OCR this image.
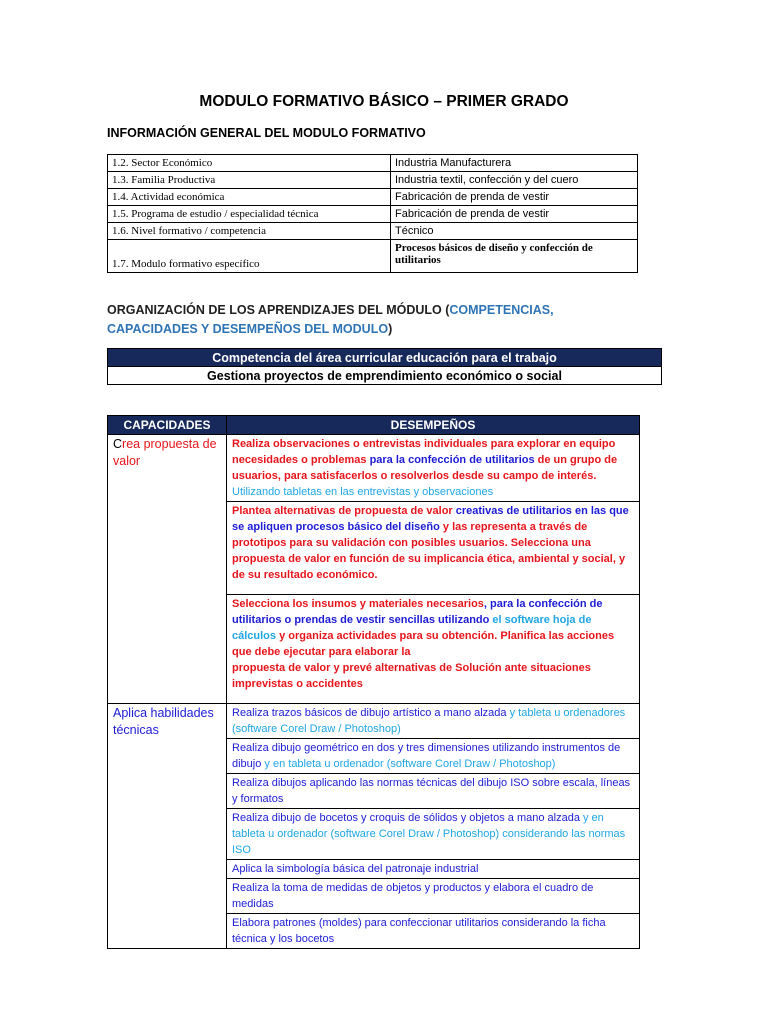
MODULO FORMATIVO BÁSICO – PRIMER GRADO
INFORMACIÓN GENERAL DEL MODULO FORMATIVO
1.2. Sector Económico	Industria Manufacturera
1.3. Familia Productiva	Industria textil, confección y del cuero
1.4. Actividad económica	Fabricación de prenda de vestir
1.5. Programa de estudio / especialidad técnica	Fabricación de prenda de vestir
1.6. Nivel formativo / competencia	Técnico
1.7. Modulo formativo específico	Procesos básicos de diseño y confección de utilitarios
ORGANIZACIÓN DE LOS APRENDIZAJES DEL MÓDULO (COMPETENCIAS, CAPACIDADES Y DESEMPEÑOS DEL MODULO)
Competencia del área curricular educación para el trabajo
Gestiona proyectos de emprendimiento económico o social
CAPACIDADES	DESEMPEÑOS

Crea propuesta de valor	Realiza observaciones o entrevistas individuales para explorar en equipo necesidades o problemas para la confección de utilitarios de un grupo de usuarios, para satisfacerlos o resolverlos desde su campo de interés.
Utilizando tabletas en las entrevistas y observaciones
	Plantea alternativas de propuesta de valor creativas de utilitarios en las que se apliquen procesos básico del diseño y las representa a través de prototipos para su validación con posibles usuarios. Selecciona una propuesta de valor en función de su implicancia ética, ambiental y social, y de su resultado económico.
	Selecciona los insumos y materiales necesarios, para la confección de utilitarios o prendas de vestir sencillas utilizando el software hoja de cálculos y organiza actividades para su obtención. Planifica las acciones que debe ejecutar para elaborar la
propuesta de valor y prevé alternativas de Solución ante situaciones imprevistas o accidentes

Aplica habilidades técnicas	Realiza trazos básicos de dibujo artístico a mano alzada y tableta u ordenadores (software Corel Draw / Photoshop)
	Realiza dibujo geométrico en dos y tres dimensiones utilizando instrumentos de dibujo y en tableta u ordenador (software Corel Draw / Photoshop)
	Realiza dibujos aplicando las normas técnicas del dibujo ISO sobre escala, líneas y formatos
	Realiza dibujo de bocetos y croquis de sólidos y objetos a mano alzada y en tableta u ordenador (software Corel Draw / Photoshop) considerando las normas ISO
	Aplica la simbología básica del patronaje industrial
	Realiza la toma de medidas de objetos y productos y elabora el cuadro de medidas
	Elabora patrones (moldes) para confeccionar utilitarios considerando la ficha técnica y los bocetos
